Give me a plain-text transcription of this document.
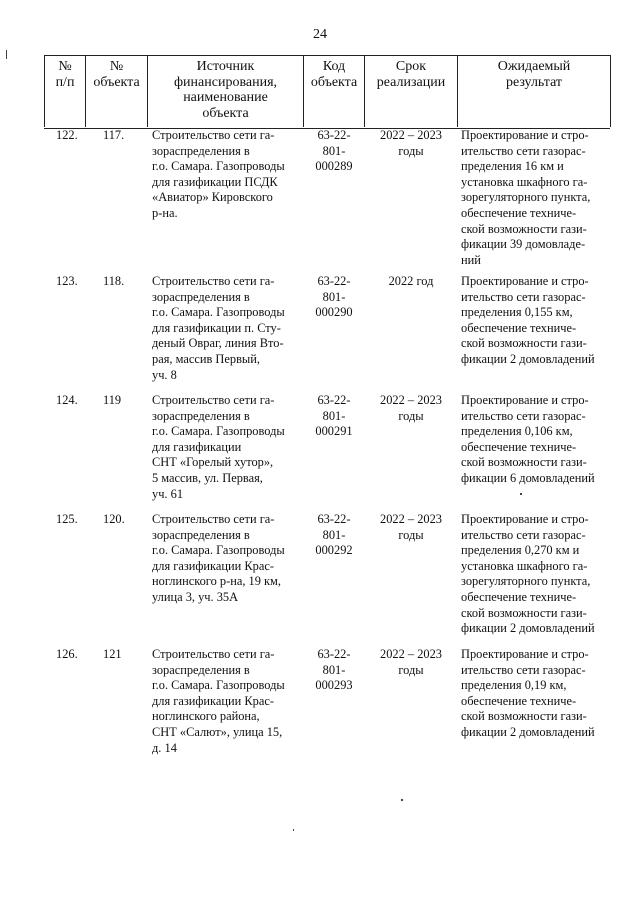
24
№
п/п
№
объекта
Источник
финансирования,
наименование
объекта
Код
объекта
Срок
реализации
Ожидаемый
результат
122. 117. Строительство сети га-
зораспределения в
г.о. Самара. Газопроводы
для газификации ПСДК
«Авиатор» Кировского
р-на.
63-22-
801-
000289
2022 – 2023
годы
Проектирование и стро-
ительство сети газорас-
пределения 16 км и
установка шкафного га-
зорегуляторного пункта,
обеспечение техниче-
ской возможности гази-
фикации 39 домовладе-
ний
123. 118. Строительство сети га-
зораспределения в
г.о. Самара. Газопроводы
для газификации п. Сту-
деный Овраг, линия Вто-
рая, массив Первый,
уч. 8
63-22-
801-
000290
2022 год	Проектирование и стро-
ительство сети газорас-
пределения 0,155 км,
обеспечение техниче-
ской возможности гази-
фикации 2 домовладений
124. 119 Строительство сети га-
зораспределения в
г.о. Самара. Газопроводы
для газификации
СНТ «Горелый хутор»,
5 массив, ул. Первая,
уч. 61
63-22-
801-
000291
2022 – 2023
годы
Проектирование и стро-
ительство сети газорас-
пределения 0,106 км,
обеспечение техниче-
ской возможности гази-
фикации 6 домовладений
125. 120. Строительство сети га-
зораспределения в
г.о. Самара. Газопроводы
для газификации Крас-
ноглинского р-на, 19 км,
улица 3, уч. 35А
63-22-
801-
000292
2022 – 2023
годы
Проектирование и стро-
ительство сети газорас-
пределения 0,270 км и
установка шкафного га-
зорегуляторного пункта,
обеспечение техниче-
ской возможности гази-
фикации 2 домовладений
126. 121 Строительство сети га-
зораспределения в
г.о. Самара. Газопроводы
для газификации Крас-
ноглинского района,
СНТ «Салют», улица 15,
д. 14
63-22-
801-
000293
2022 – 2023
годы
Проектирование и стро-
ительство сети газорас-
пределения 0,19 км,
обеспечение техниче-
ской возможности гази-
фикации 2 домовладений
